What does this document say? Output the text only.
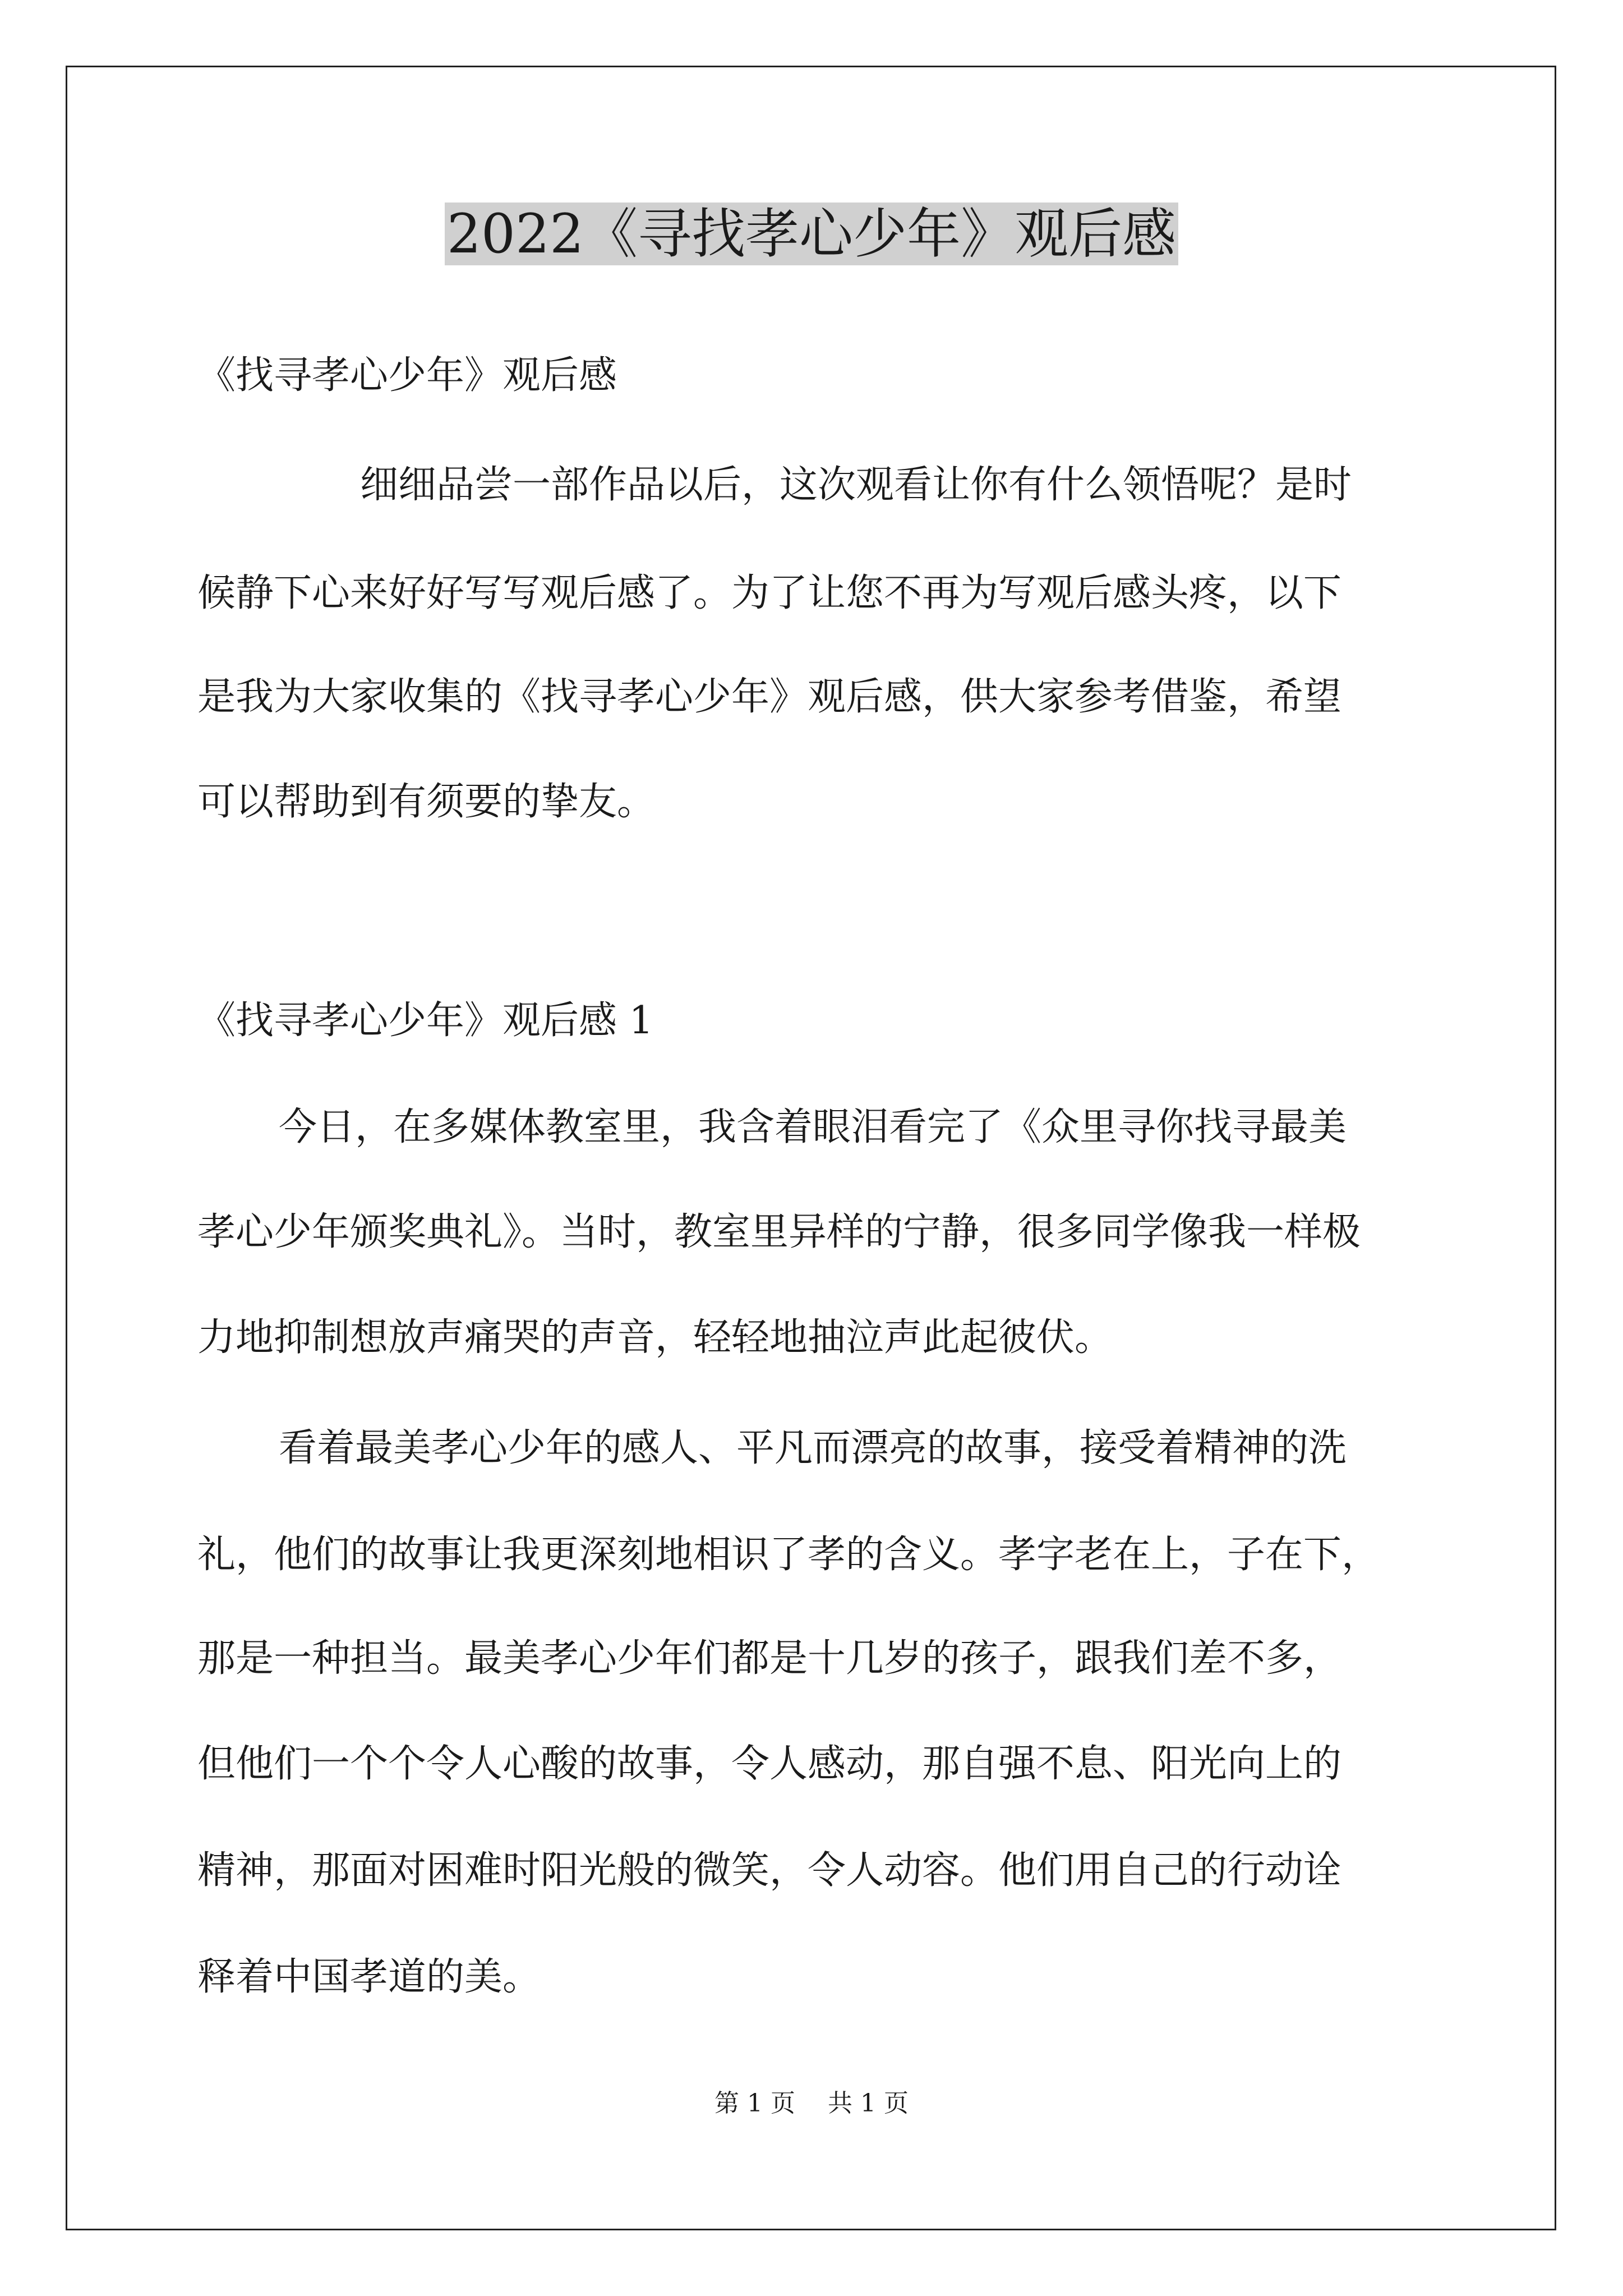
2022《寻找孝心少年》观后感
《找寻孝心少年》观后感
细细品尝一部作品以后，这次观看让你有什么领悟呢？是时
候静下心来好好写写观后感了。为了让您不再为写观后感头疼，以下
是我为大家收集的《找寻孝心少年》观后感，供大家参考借鉴，希望
可以帮助到有须要的挚友。
《找寻孝心少年》观后感 1
今日，在多媒体教室里，我含着眼泪看完了《众里寻你找寻最美
孝心少年颁奖典礼》。当时，教室里异样的宁静，很多同学像我一样极
力地抑制想放声痛哭的声音，轻轻地抽泣声此起彼伏。
看着最美孝心少年的感人、平凡而漂亮的故事，接受着精神的洗
礼，他们的故事让我更深刻地相识了孝的含义。孝字老在上，子在下，
那是一种担当。最美孝心少年们都是十几岁的孩子，跟我们差不多，
但他们一个个令人心酸的故事，令人感动，那自强不息、阳光向上的
精神，那面对困难时阳光般的微笑，令人动容。他们用自己的行动诠
释着中国孝道的美。
第 1 页 共 1 页
